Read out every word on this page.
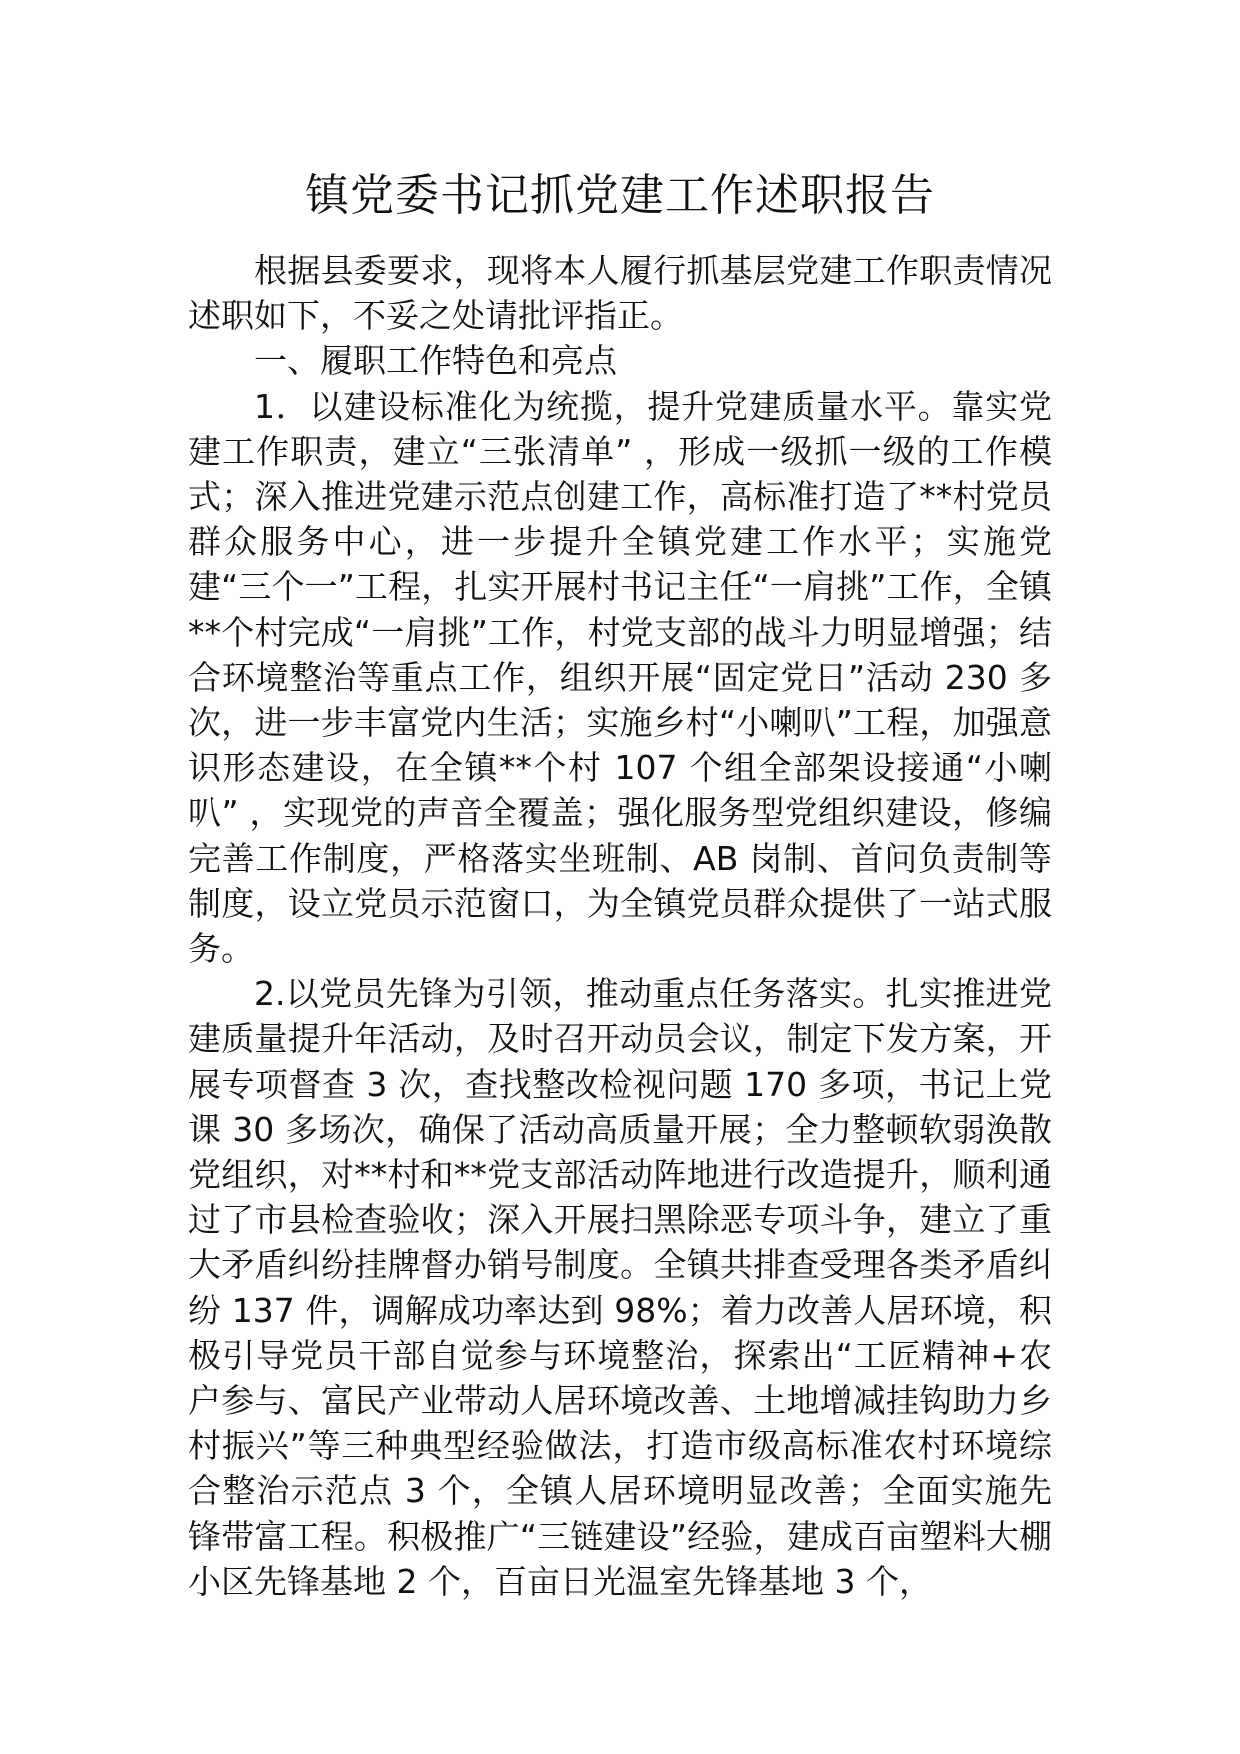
镇党委书记抓党建工作述职报告

根据县委要求，现将本人履行抓基层党建工作职责情况述职如下，不妥之处请批评指正。

一、履职工作特色和亮点

1．以建设标准化为统揽，提升党建质量水平。靠实党建工作职责，建立“三张清单” ，形成一级抓一级的工作模式；深入推进党建示范点创建工作，高标准打造了**村党员群众服务中心，进一步提升全镇党建工作水平；实施党建“三个一”工程，扎实开展村书记主任“一肩挑”工作，全镇**个村完成“一肩挑”工作，村党支部的战斗力明显增强；结合环境整治等重点工作，组织开展“固定党日”活动 230 多次，进一步丰富党内生活；实施乡村“小喇叭”工程，加强意识形态建设，在全镇**个村 107 个组全部架设接通“小喇叭” ，实现党的声音全覆盖；强化服务型党组织建设，修编完善工作制度，严格落实坐班制、AB 岗制、首问负责制等制度，设立党员示范窗口，为全镇党员群众提供了一站式服务。

2.以党员先锋为引领，推动重点任务落实。扎实推进党建质量提升年活动，及时召开动员会议，制定下发方案，开展专项督查 3 次，查找整改检视问题 170 多项，书记上党课 30 多场次，确保了活动高质量开展；全力整顿软弱涣散党组织，对**村和**党支部活动阵地进行改造提升，顺利通过了市县检查验收；深入开展扫黑除恶专项斗争，建立了重大矛盾纠纷挂牌督办销号制度。全镇共排查受理各类矛盾纠纷 137 件，调解成功率达到 98%；着力改善人居环境，积极引导党员干部自觉参与环境整治，探索出“工匠精神+农户参与、富民产业带动人居环境改善、土地增减挂钩助力乡村振兴”等三种典型经验做法，打造市级高标准农村环境综合整治示范点 3 个，全镇人居环境明显改善；全面实施先锋带富工程。积极推广“三链建设”经验，建成百亩塑料大棚小区先锋基地 2 个，百亩日光温室先锋基地 3 个，
